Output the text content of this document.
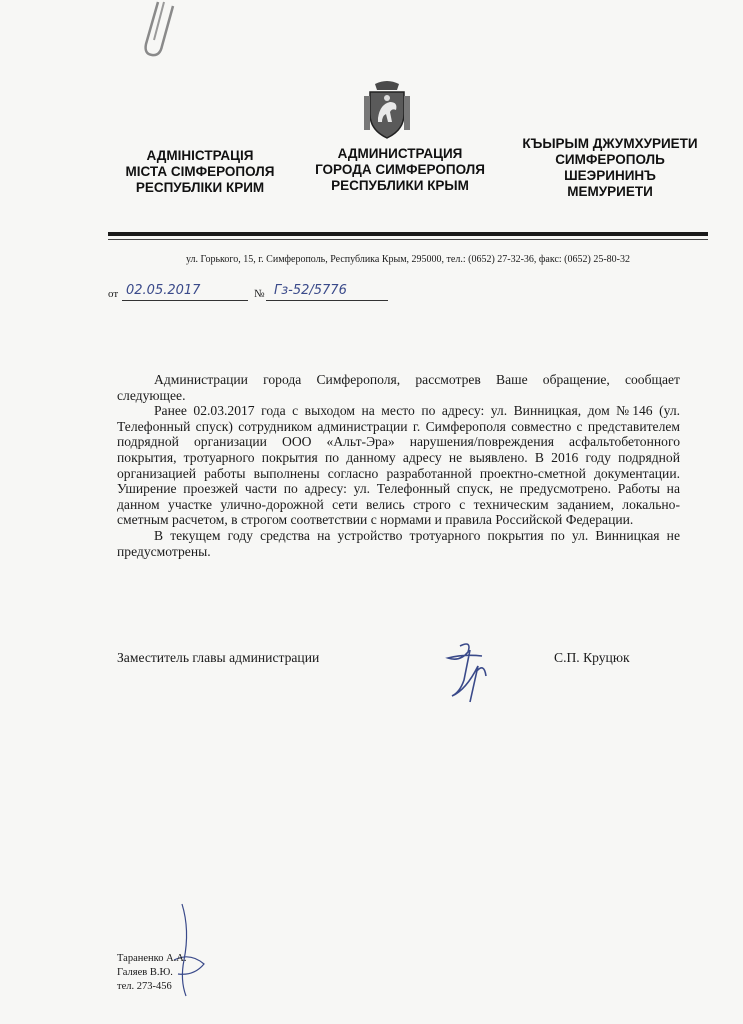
АДМІНІСТРАЦІЯ
МІСТА СІМФЕРОПОЛЯ
РЕСПУБЛІКИ КРИМ
АДМИНИСТРАЦИЯ
ГОРОДА СИМФЕРОПОЛЯ
РЕСПУБЛИКИ КРЫМ
КЪЫРЫМ ДЖУМХУРИЕТИ
СИМФЕРОПОЛЬ
ШЕЭРИНИНЪ
МЕМУРИЕТИ
ул. Горького, 15, г. Симферополь, Республика Крым, 295000, тел.: (0652) 27-32-36, факс: (0652) 25-80-32
от 02.05.2017	№ Гз-52/5776

Администрации города Симферополя, рассмотрев Ваше обращение, сообщает следующее.

Ранее 02.03.2017 года с выходом на место по адресу: ул. Винницкая, дом №146 (ул. Телефонный спуск) сотрудником администрации г. Симферополя совместно с представителем подрядной организации ООО «Альт-Эра» нарушения/повреждения асфальтобетонного покрытия, тротуарного покрытия по данному адресу не выявлено. В 2016 году подрядной организацией работы выполнены согласно разработанной проектно-сметной документации. Уширение проезжей части по адресу: ул. Телефонный спуск, не предусмотрено. Работы на данном участке улично-дорожной сети велись строго с техническим заданием, локально-сметным расчетом, в строгом соответствии с нормами и правила Российской Федерации.

В текущем году средства на устройство тротуарного покрытия по ул. Винницкая не предусмотрены.

Заместитель главы администрации	С.П. Круцюк
Тараненко А.А.
Галяев В.Ю.
тел. 273-456
